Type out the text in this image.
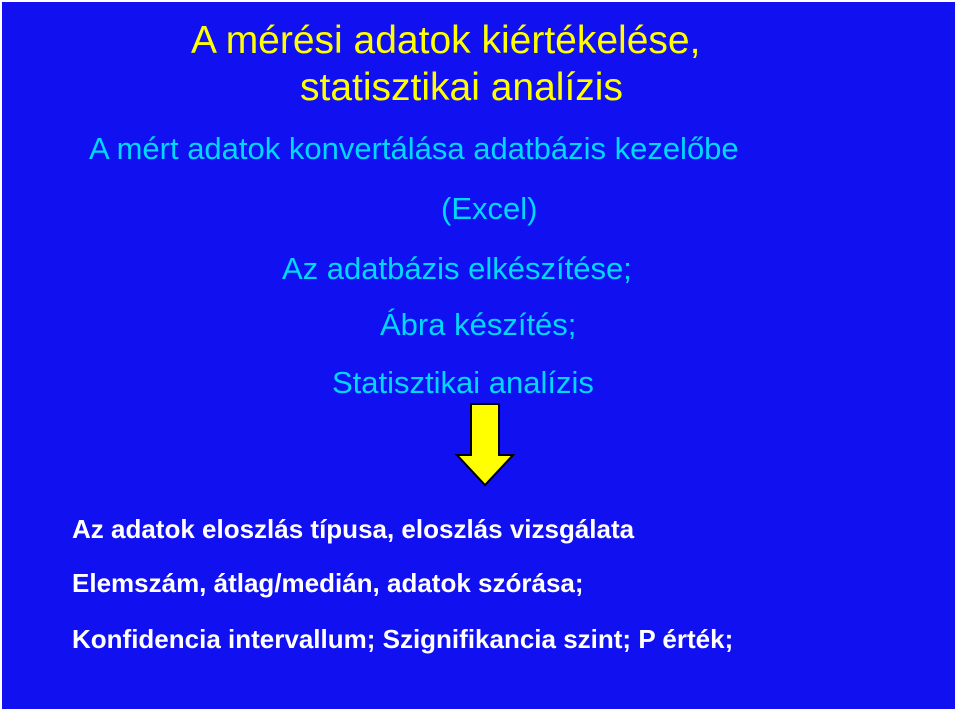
A mérési adatok kiértékelése,
statisztikai analízis
A mért adatok konvertálása adatbázis kezelőbe
(Excel)
Az adatbázis elkészítése;
Ábra készítés;
Statisztikai analízis
Az adatok eloszlás típusa, eloszlás vizsgálata
Elemszám, átlag/medián, adatok szórása;
Konfidencia intervallum; Szignifikancia szint; P érték;
